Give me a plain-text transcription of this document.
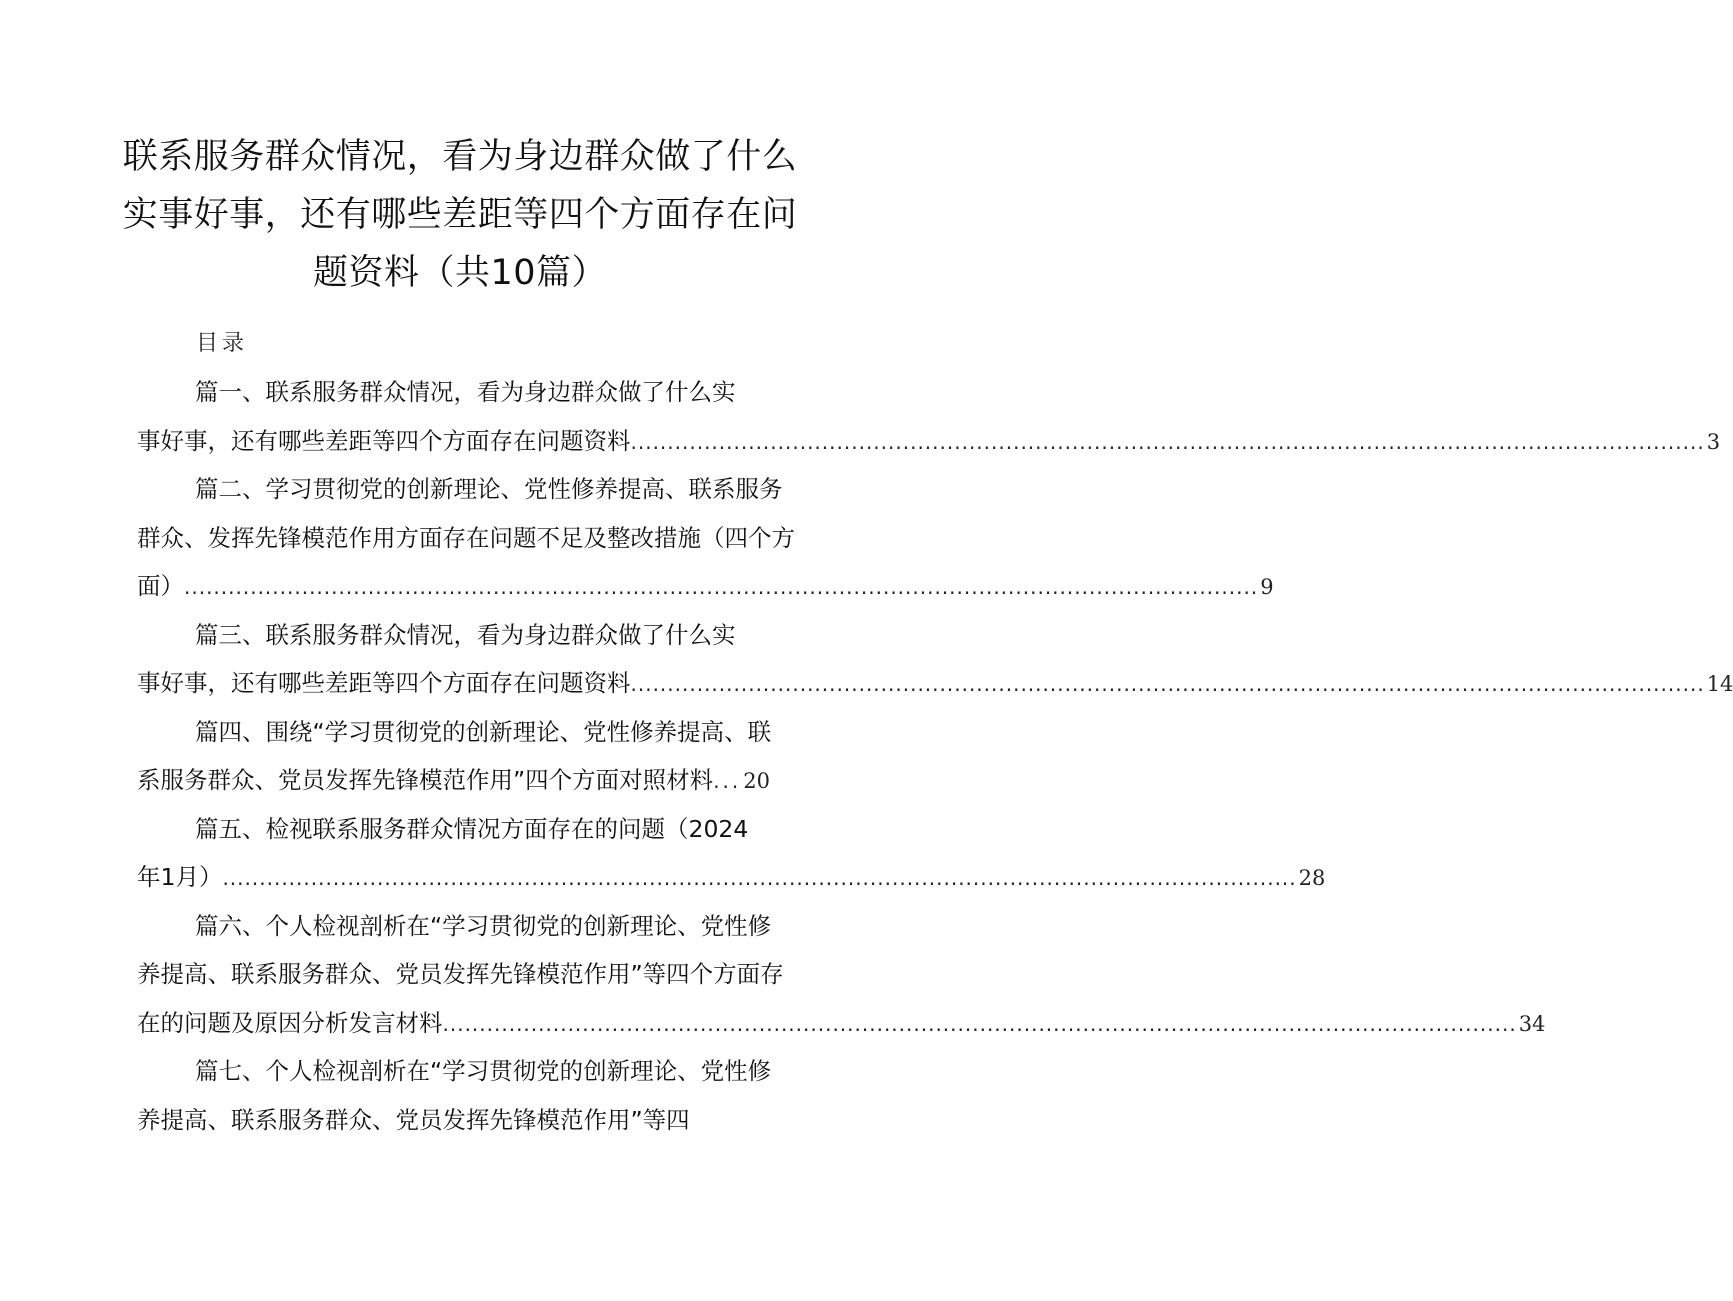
联系服务群众情况，看为身边群众做了什么
实事好事，还有哪些差距等四个方面存在问
题资料（共10篇）
目录
篇一、联系服务群众情况，看为身边群众做了什么实
事好事，还有哪些差距等四个方面存在问题资料 .................................................................................................................................................. 3
篇二、学习贯彻党的创新理论、党性修养提高、联系服务
群众、发挥先锋模范作用方面存在问题不足及整改措施（四个方
面） .................................................................................................................................................. 9
篇三、联系服务群众情况，看为身边群众做了什么实
事好事，还有哪些差距等四个方面存在问题资料 .................................................................................................................................................. 14
篇四、围绕“学习贯彻党的创新理论、党性修养提高、联
系服务群众、党员发挥先锋模范作用”四个方面对照材料 ... 20
篇五、检视联系服务群众情况方面存在的问题（2024
年1月） .................................................................................................................................................. 28
篇六、个人检视剖析在“学习贯彻党的创新理论、党性修
养提高、联系服务群众、党员发挥先锋模范作用”等四个方面存
在的问题及原因分析发言材料 .................................................................................................................................................. 34
篇七、个人检视剖析在“学习贯彻党的创新理论、党性修
养提高、联系服务群众、党员发挥先锋模范作用”等四
